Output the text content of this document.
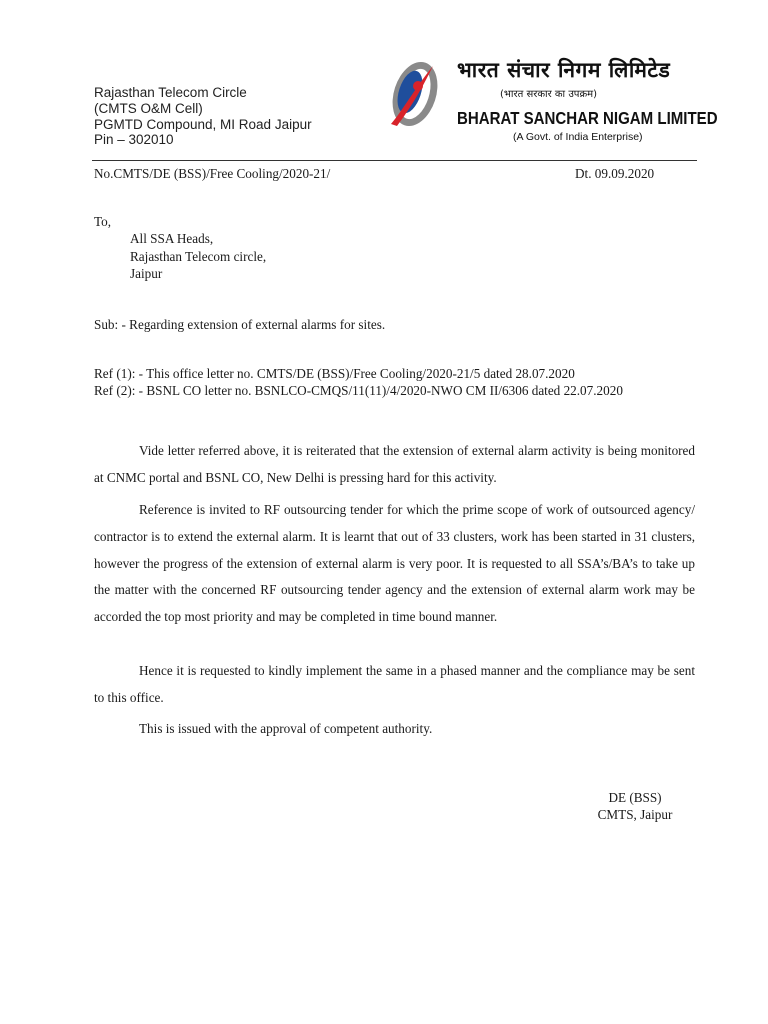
Rajasthan Telecom Circle
(CMTS O&M Cell)
PGMTD Compound, MI Road Jaipur
Pin – 302010
भारत संचार निगम लिमिटेड
(भारत सरकार का उपक्रम)
BHARAT SANCHAR NIGAM LIMITED
(A Govt. of India Enterprise)
No.CMTS/DE (BSS)/Free Cooling/2020-21/	Dt. 09.09.2020
To,
All SSA Heads,
Rajasthan Telecom circle,
Jaipur
Sub: - Regarding extension of external alarms for sites.
Ref (1): - This office letter no. CMTS/DE (BSS)/Free Cooling/2020-21/5 dated 28.07.2020
Ref (2): - BSNL CO letter no. BSNLCO-CMQS/11(11)/4/2020-NWO CM II/6306 dated 22.07.2020
Vide letter referred above, it is reiterated that the extension of external alarm activity is being monitored at CNMC portal and BSNL CO, New Delhi is pressing hard for this activity.
Reference is invited to RF outsourcing tender for which the prime scope of work of outsourced agency/ contractor is to extend the external alarm. It is learnt that out of 33 clusters, work has been started in 31 clusters, however the progress of the extension of external alarm is very poor. It is requested to all SSA’s/BA’s to take up the matter with the concerned RF outsourcing tender agency and the extension of external alarm work may be accorded the top most priority and may be completed in time bound manner.
Hence it is requested to kindly implement the same in a phased manner and the compliance may be sent to this office.
This is issued with the approval of competent authority.
DE (BSS)
CMTS, Jaipur
